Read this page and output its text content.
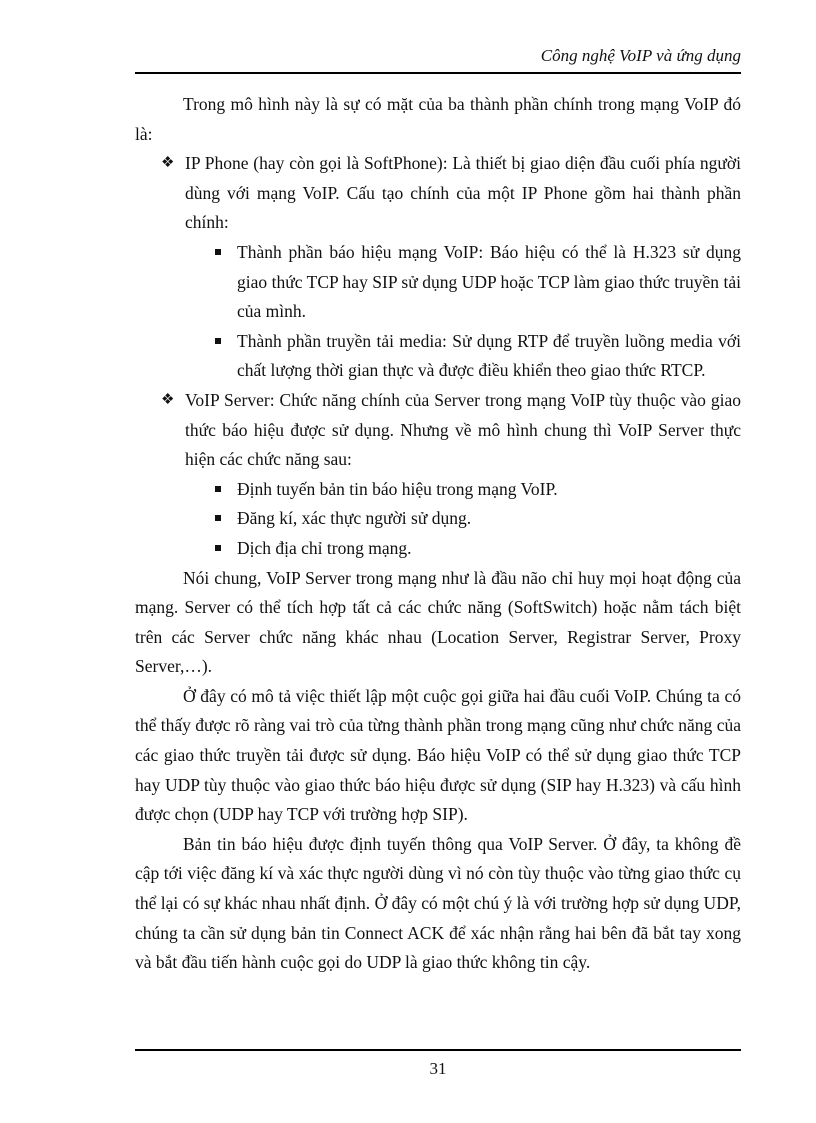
Công nghệ VoIP và ứng dụng

Trong mô hình này là sự có mặt của ba thành phần chính trong mạng VoIP đó là:

❖ IP Phone (hay còn gọi là SoftPhone): Là thiết bị giao diện đầu cuối phía người dùng với mạng VoIP. Cấu tạo chính của một IP Phone gồm hai thành phần chính:
Thành phần báo hiệu mạng VoIP: Báo hiệu có thể là H.323 sử dụng giao thức TCP hay SIP sử dụng UDP hoặc TCP làm giao thức truyền tải của mình.
Thành phần truyền tải media: Sử dụng RTP để truyền luồng media với chất lượng thời gian thực và được điều khiển theo giao thức RTCP.
❖ VoIP Server: Chức năng chính của Server trong mạng VoIP tùy thuộc vào giao thức báo hiệu được sử dụng. Nhưng về mô hình chung thì VoIP Server thực hiện các chức năng sau:
Định tuyến bản tin báo hiệu trong mạng VoIP.
Đăng kí, xác thực người sử dụng.
Dịch địa chỉ trong mạng.

Nói chung, VoIP Server trong mạng như là đầu não chỉ huy mọi hoạt động của mạng. Server có thể tích hợp tất cả các chức năng (SoftSwitch) hoặc nằm tách biệt trên các Server chức năng khác nhau (Location Server, Registrar Server, Proxy Server,…).

Ở đây có mô tả việc thiết lập một cuộc gọi giữa hai đầu cuối VoIP. Chúng ta có thể thấy được rõ ràng vai trò của từng thành phần trong mạng cũng như chức năng của các giao thức truyền tải được sử dụng. Báo hiệu VoIP có thể sử dụng giao thức TCP hay UDP tùy thuộc vào giao thức báo hiệu được sử dụng (SIP hay H.323) và cấu hình được chọn (UDP hay TCP với trường hợp SIP).

Bản tin báo hiệu được định tuyến thông qua VoIP Server. Ở đây, ta không đề cập tới việc đăng kí và xác thực người dùng vì nó còn tùy thuộc vào từng giao thức cụ thể lại có sự khác nhau nhất định. Ở đây có một chú ý là với trường hợp sử dụng UDP, chúng ta cần sử dụng bản tin Connect ACK để xác nhận rằng hai bên đã bắt tay xong và bắt đầu tiến hành cuộc gọi do UDP là giao thức không tin cậy.

31
